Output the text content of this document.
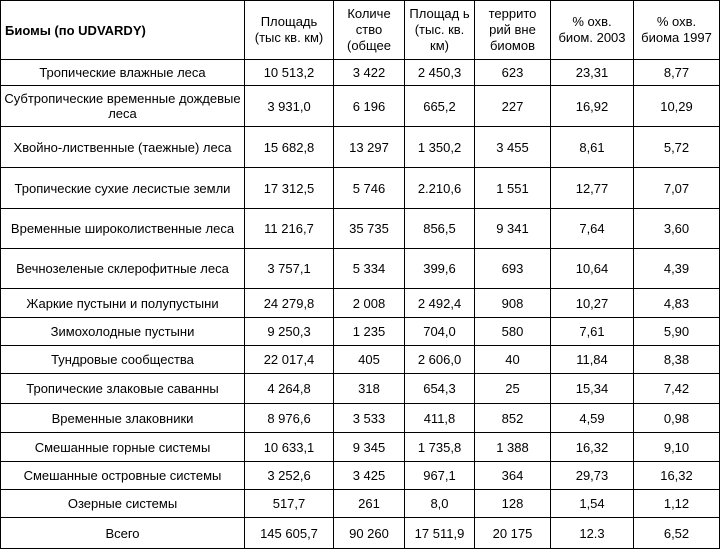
Биомы (по UDVARDY)	Площадь (тыс кв. км)	Количе ство (общее	Площад ь (тыс. кв. км)	террито рий вне биомов	% охв. биом. 2003	% охв. биома 1997
Тропические влажные леса	10 513,2	3 422	2 450,3	623	23,31	8,77
Субтропические временные дождевые леса	3 931,0	6 196	665,2	227	16,92	10,29
Хвойно-лиственные (таежные) леса	15 682,8	13 297	1 350,2	3 455	8,61	5,72
Тропические сухие лесистые земли	17 312,5	5 746	2.210,6	1 551	12,77	7,07
Временные широколиственные леса	11 216,7	35 735	856,5	9 341	7,64	3,60
Вечнозеленые склерофитные леса	3 757,1	5 334	399,6	693	10,64	4,39
Жаркие пустыни и полупустыни	24 279,8	2 008	2 492,4	908	10,27	4,83
Зимохолодные пустыни	9 250,3	1 235	704,0	580	7,61	5,90
Тундровые сообщества	22 017,4	405	2 606,0	40	11,84	8,38
Тропические злаковые саванны	4 264,8	318	654,3	25	15,34	7,42
Временные злаковники	8 976,6	3 533	411,8	852	4,59	0,98
Смешанные горные системы	10 633,1	9 345	1 735,8	1 388	16,32	9,10
Смешанные островные системы	3 252,6	3 425	967,1	364	29,73	16,32
Озерные системы	517,7	261	8,0	128	1,54	1,12
Всего	145 605,7	90 260	17 511,9	20 175	12.3	6,52
